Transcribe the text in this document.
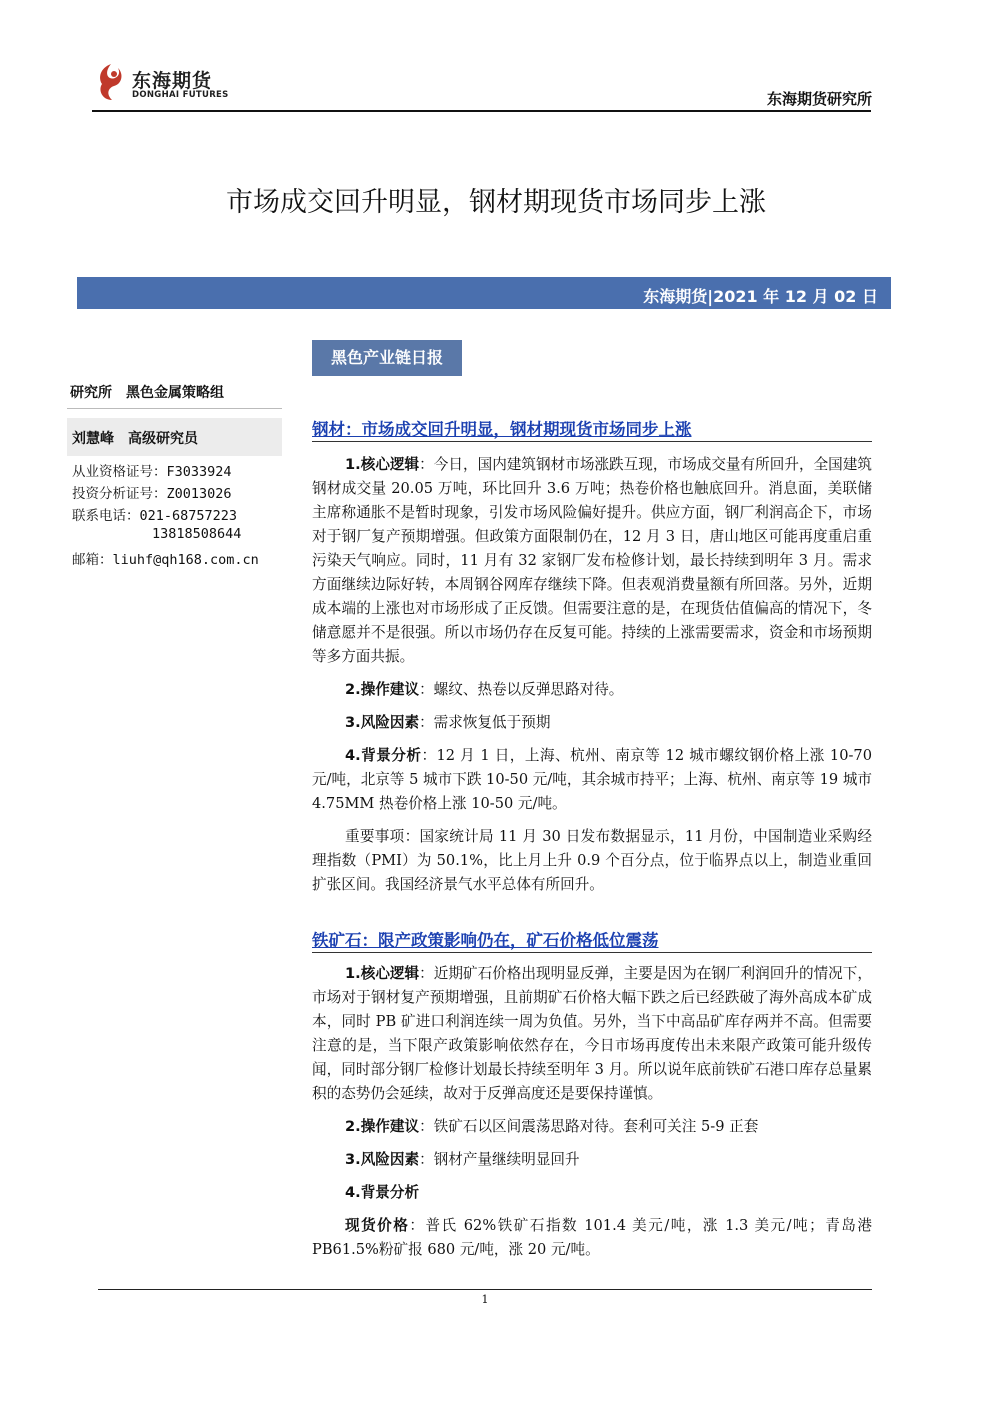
东海期货
DONGHAI FUTURES	东海期货研究所
市场成交回升明显，钢材期现货市场同步上涨
东海期货|2021 年 12 月 02 日
黑色产业链日报
研究所　黑色金属策略组
刘慧峰　高级研究员
从业资格证号：F3033924
投资分析证号：Z0013026
联系电话：021-68757223
13818508644
邮箱：liuhf@qh168.com.cn
钢材：市场成交回升明显，钢材期现货市场同步上涨

1.核心逻辑：今日，国内建筑钢材市场涨跌互现，市场成交量有所回升，全国建筑钢材成交量 20.05 万吨，环比回升 3.6 万吨；热卷价格也触底回升。消息面，美联储主席称通胀不是暂时现象，引发市场风险偏好提升。供应方面，钢厂利润高企下，市场对于钢厂复产预期增强。但政策方面限制仍在，12 月 3 日，唐山地区可能再度重启重污染天气响应。同时，11 月有 32 家钢厂发布检修计划，最长持续到明年 3 月。需求方面继续边际好转，本周钢谷网库存继续下降。但表观消费量额有所回落。另外，近期成本端的上涨也对市场形成了正反馈。但需要注意的是，在现货估值偏高的情况下，冬储意愿并不是很强。所以市场仍存在反复可能。持续的上涨需要需求，资金和市场预期等多方面共振。

2.操作建议：螺纹、热卷以反弹思路对待。

3.风险因素：需求恢复低于预期

4.背景分析：12 月 1 日，上海、杭州、南京等 12 城市螺纹钢价格上涨 10-70 元/吨，北京等 5 城市下跌 10-50 元/吨，其余城市持平；上海、杭州、南京等 19 城市 4.75MM 热卷价格上涨 10-50 元/吨。

重要事项：国家统计局 11 月 30 日发布数据显示，11 月份，中国制造业采购经理指数（PMI）为 50.1%，比上月上升 0.9 个百分点，位于临界点以上，制造业重回扩张区间。我国经济景气水平总体有所回升。

铁矿石：限产政策影响仍在，矿石价格低位震荡

1.核心逻辑：近期矿石价格出现明显反弹，主要是因为在钢厂利润回升的情况下，市场对于钢材复产预期增强，且前期矿石价格大幅下跌之后已经跌破了海外高成本矿成本，同时 PB 矿进口利润连续一周为负值。另外，当下中高品矿库存两并不高。但需要注意的是，当下限产政策影响依然存在，今日市场再度传出未来限产政策可能升级传闻，同时部分钢厂检修计划最长持续至明年 3 月。所以说年底前铁矿石港口库存总量累积的态势仍会延续，故对于反弹高度还是要保持谨慎。

2.操作建议：铁矿石以区间震荡思路对待。套利可关注 5-9 正套

3.风险因素：钢材产量继续明显回升

4.背景分析

现货价格：普氏 62%铁矿石指数 101.4 美元/吨，涨 1.3 美元/吨；青岛港 PB61.5%粉矿报 680 元/吨，涨 20 元/吨。

1
